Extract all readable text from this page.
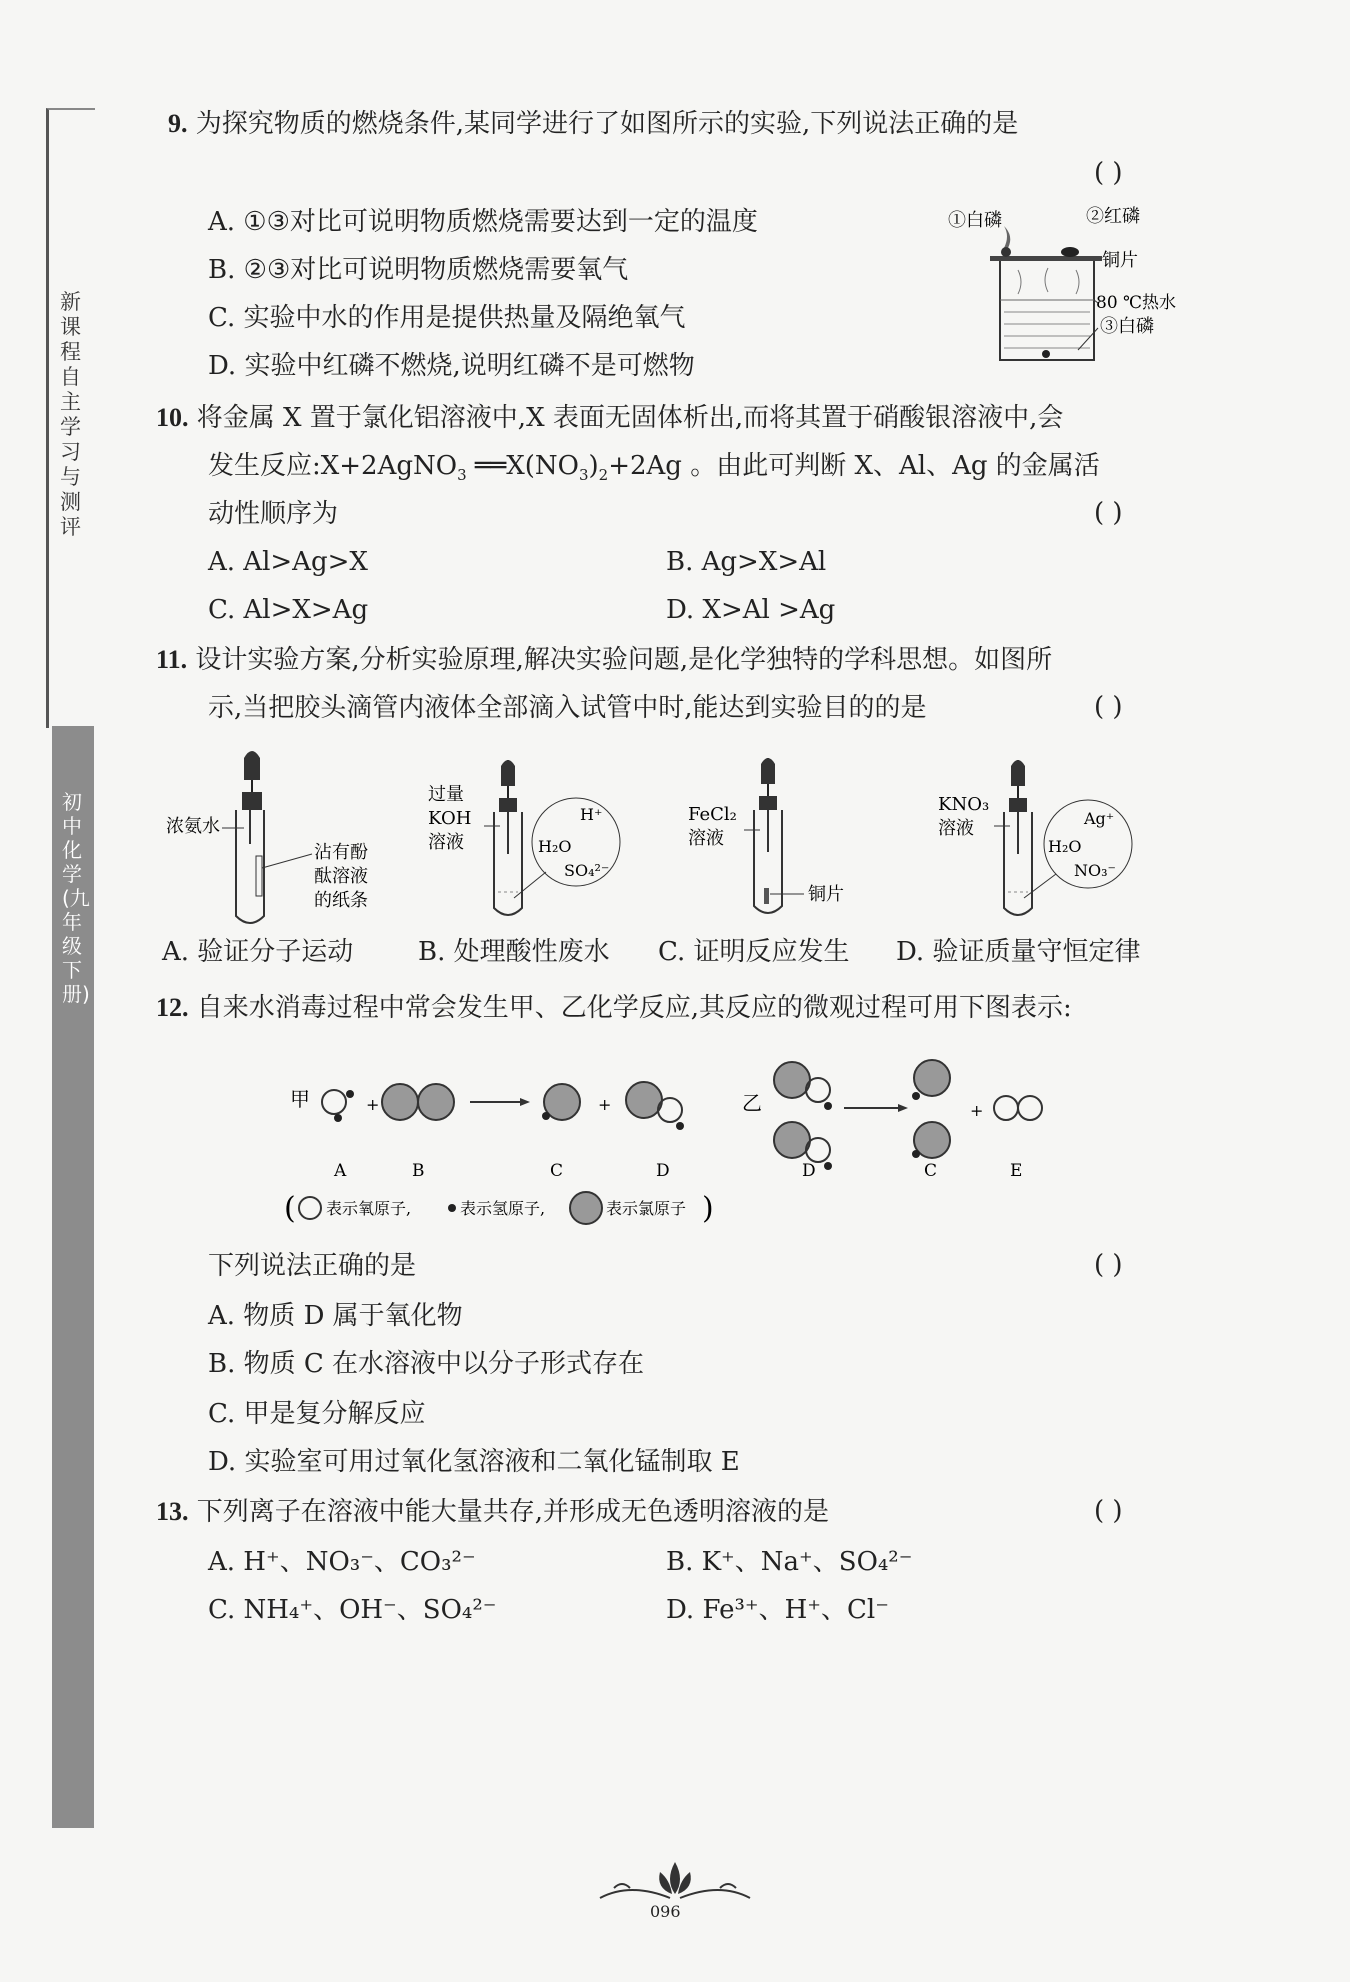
新课程自主学习与测评
初中化学(九年级下册)
9. 为探究物质的燃烧条件,某同学进行了如图所示的实验,下列说法正确的是
( )
A. ①③对比可说明物质燃烧需要达到一定的温度
B. ②③对比可说明物质燃烧需要氧气
C. 实验中水的作用是提供热量及隔绝氧气
D. 实验中红磷不燃烧,说明红磷不是可燃物
①白磷	②红磷
铜片
80 ℃热水
③白磷
10. 将金属 X 置于氯化铝溶液中,X 表面无固体析出,而将其置于硝酸银溶液中,会
发生反应:X+2AgNO$_3$ $══X(NO_3)_2+2Ag$ 。由此可判断 X、Al、Ag 的金属活
动性顺序为	( )
A. Al>Ag>X	B. Ag>X>Al
C. Al>X>Ag	D. X>Al >Ag
11. 设计实验方案,分析实验原理,解决实验问题,是化学独特的学科思想。如图所
示,当把胶头滴管内液体全部滴入试管中时,能达到实验目的的是	( )
浓氨水
沾有酚
酞溶液
的纸条
过量
KOH
溶液
H⁺
H₂O
SO₄²⁻
FeCl₂
溶液
铜片
KNO₃
溶液	Ag⁺
H₂O
NO₃⁻
A. 验证分子运动 B. 处理酸性废水 C. 证明反应发生 D. 验证质量守恒定律
12. 自来水消毒过程中常会发生甲、乙化学反应,其反应的微观过程可用下图表示:
甲	+	+	乙	+
A	B	C	D	D	C	E
( 表示氧原子,	表示氢原子,	表示氯原子 )
下列说法正确的是	( )
A. 物质 D 属于氧化物
B. 物质 C 在水溶液中以分子形式存在
C. 甲是复分解反应
D. 实验室可用过氧化氢溶液和二氧化锰制取 E
13. 下列离子在溶液中能大量共存,并形成无色透明溶液的是	( )
A. H⁺、NO₃⁻、CO₃²⁻	B. K⁺、Na⁺、SO₄²⁻
C. NH₄⁺、OH⁻、SO₄²⁻	D. Fe³⁺、H⁺、Cl⁻
096
